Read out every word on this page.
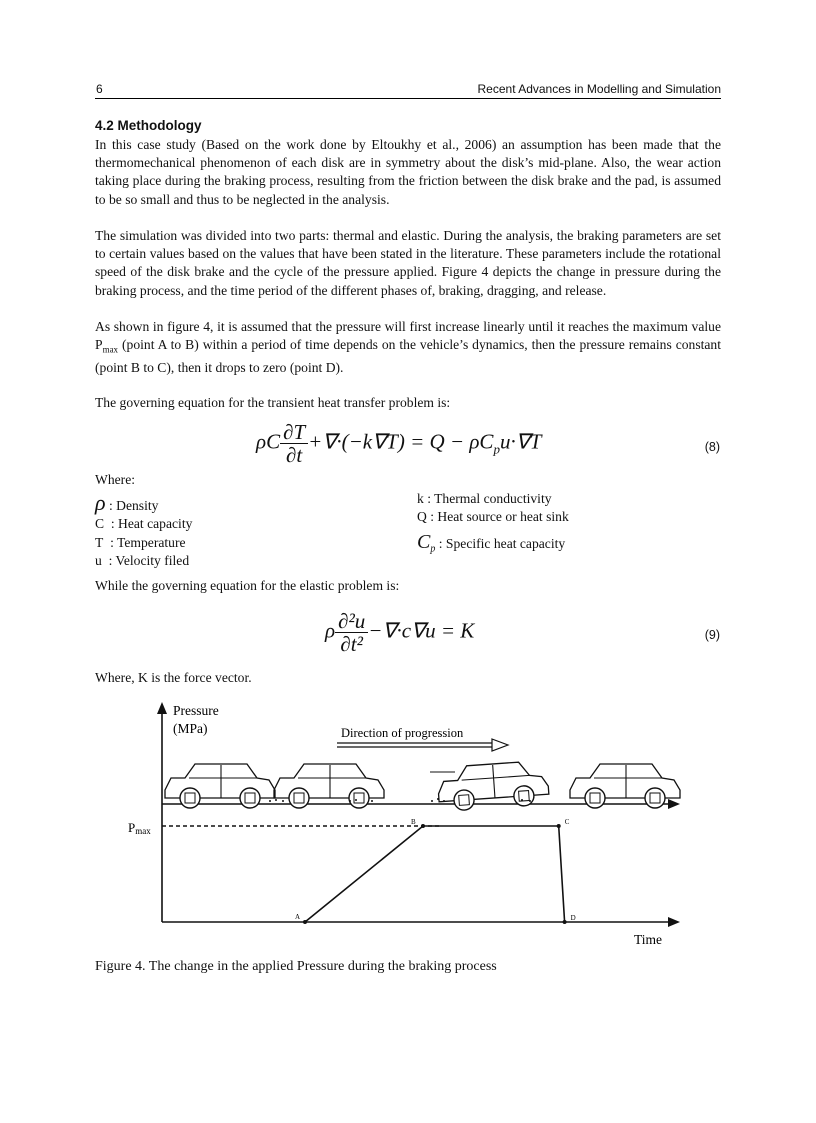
6	Recent Advances in Modelling and Simulation
4.2 Methodology
In this case study (Based on the work done by Eltoukhy et al., 2006) an assumption has been made that the thermomechanical phenomenon of each disk are in symmetry about the disk’s mid-plane. Also, the wear action taking place during the braking process, resulting from the friction between the disk brake and the pad, is assumed to be so small and thus to be neglected in the analysis.
The simulation was divided into two parts: thermal and elastic. During the analysis, the braking parameters are set to certain values based on the values that have been stated in the literature. These parameters include the rotational speed of the disk brake and the cycle of the pressure applied. Figure 4 depicts the change in pressure during the braking process, and the time period of the different phases of, braking, dragging, and release.
As shown in figure 4, it is assumed that the pressure will first increase linearly until it reaches the maximum value $P_{max}$ (point A to B) within a period of time depends on the vehicle’s dynamics, then the pressure remains constant (point B to C), then it drops to zero (point D).
The governing equation for the transient heat transfer problem is:
ρC $\frac{\partial T}{\partial t} +\nabla\cdot(-k\nabla T) = Q - \rho C_pu\cdot\nabla T$	(8)
Where:
ρ : Density
C : Heat capacity
T : Temperature
u : Velocity filed
k : Thermal conductivity
Q : Heat source or heat sink
$C_p$ : Specific heat capacity
While the governing equation for the elastic problem is:
ρ $\frac{\text{∂²u}}{\text{∂t²}} -\nabla\cdot c\nabla u = K$	(9)
Where, K is the force vector.
Pressure
(MPa)
Time
Direction of progression
Pmax
A
B	C
D
Figure 4. The change in the applied Pressure during the braking process
